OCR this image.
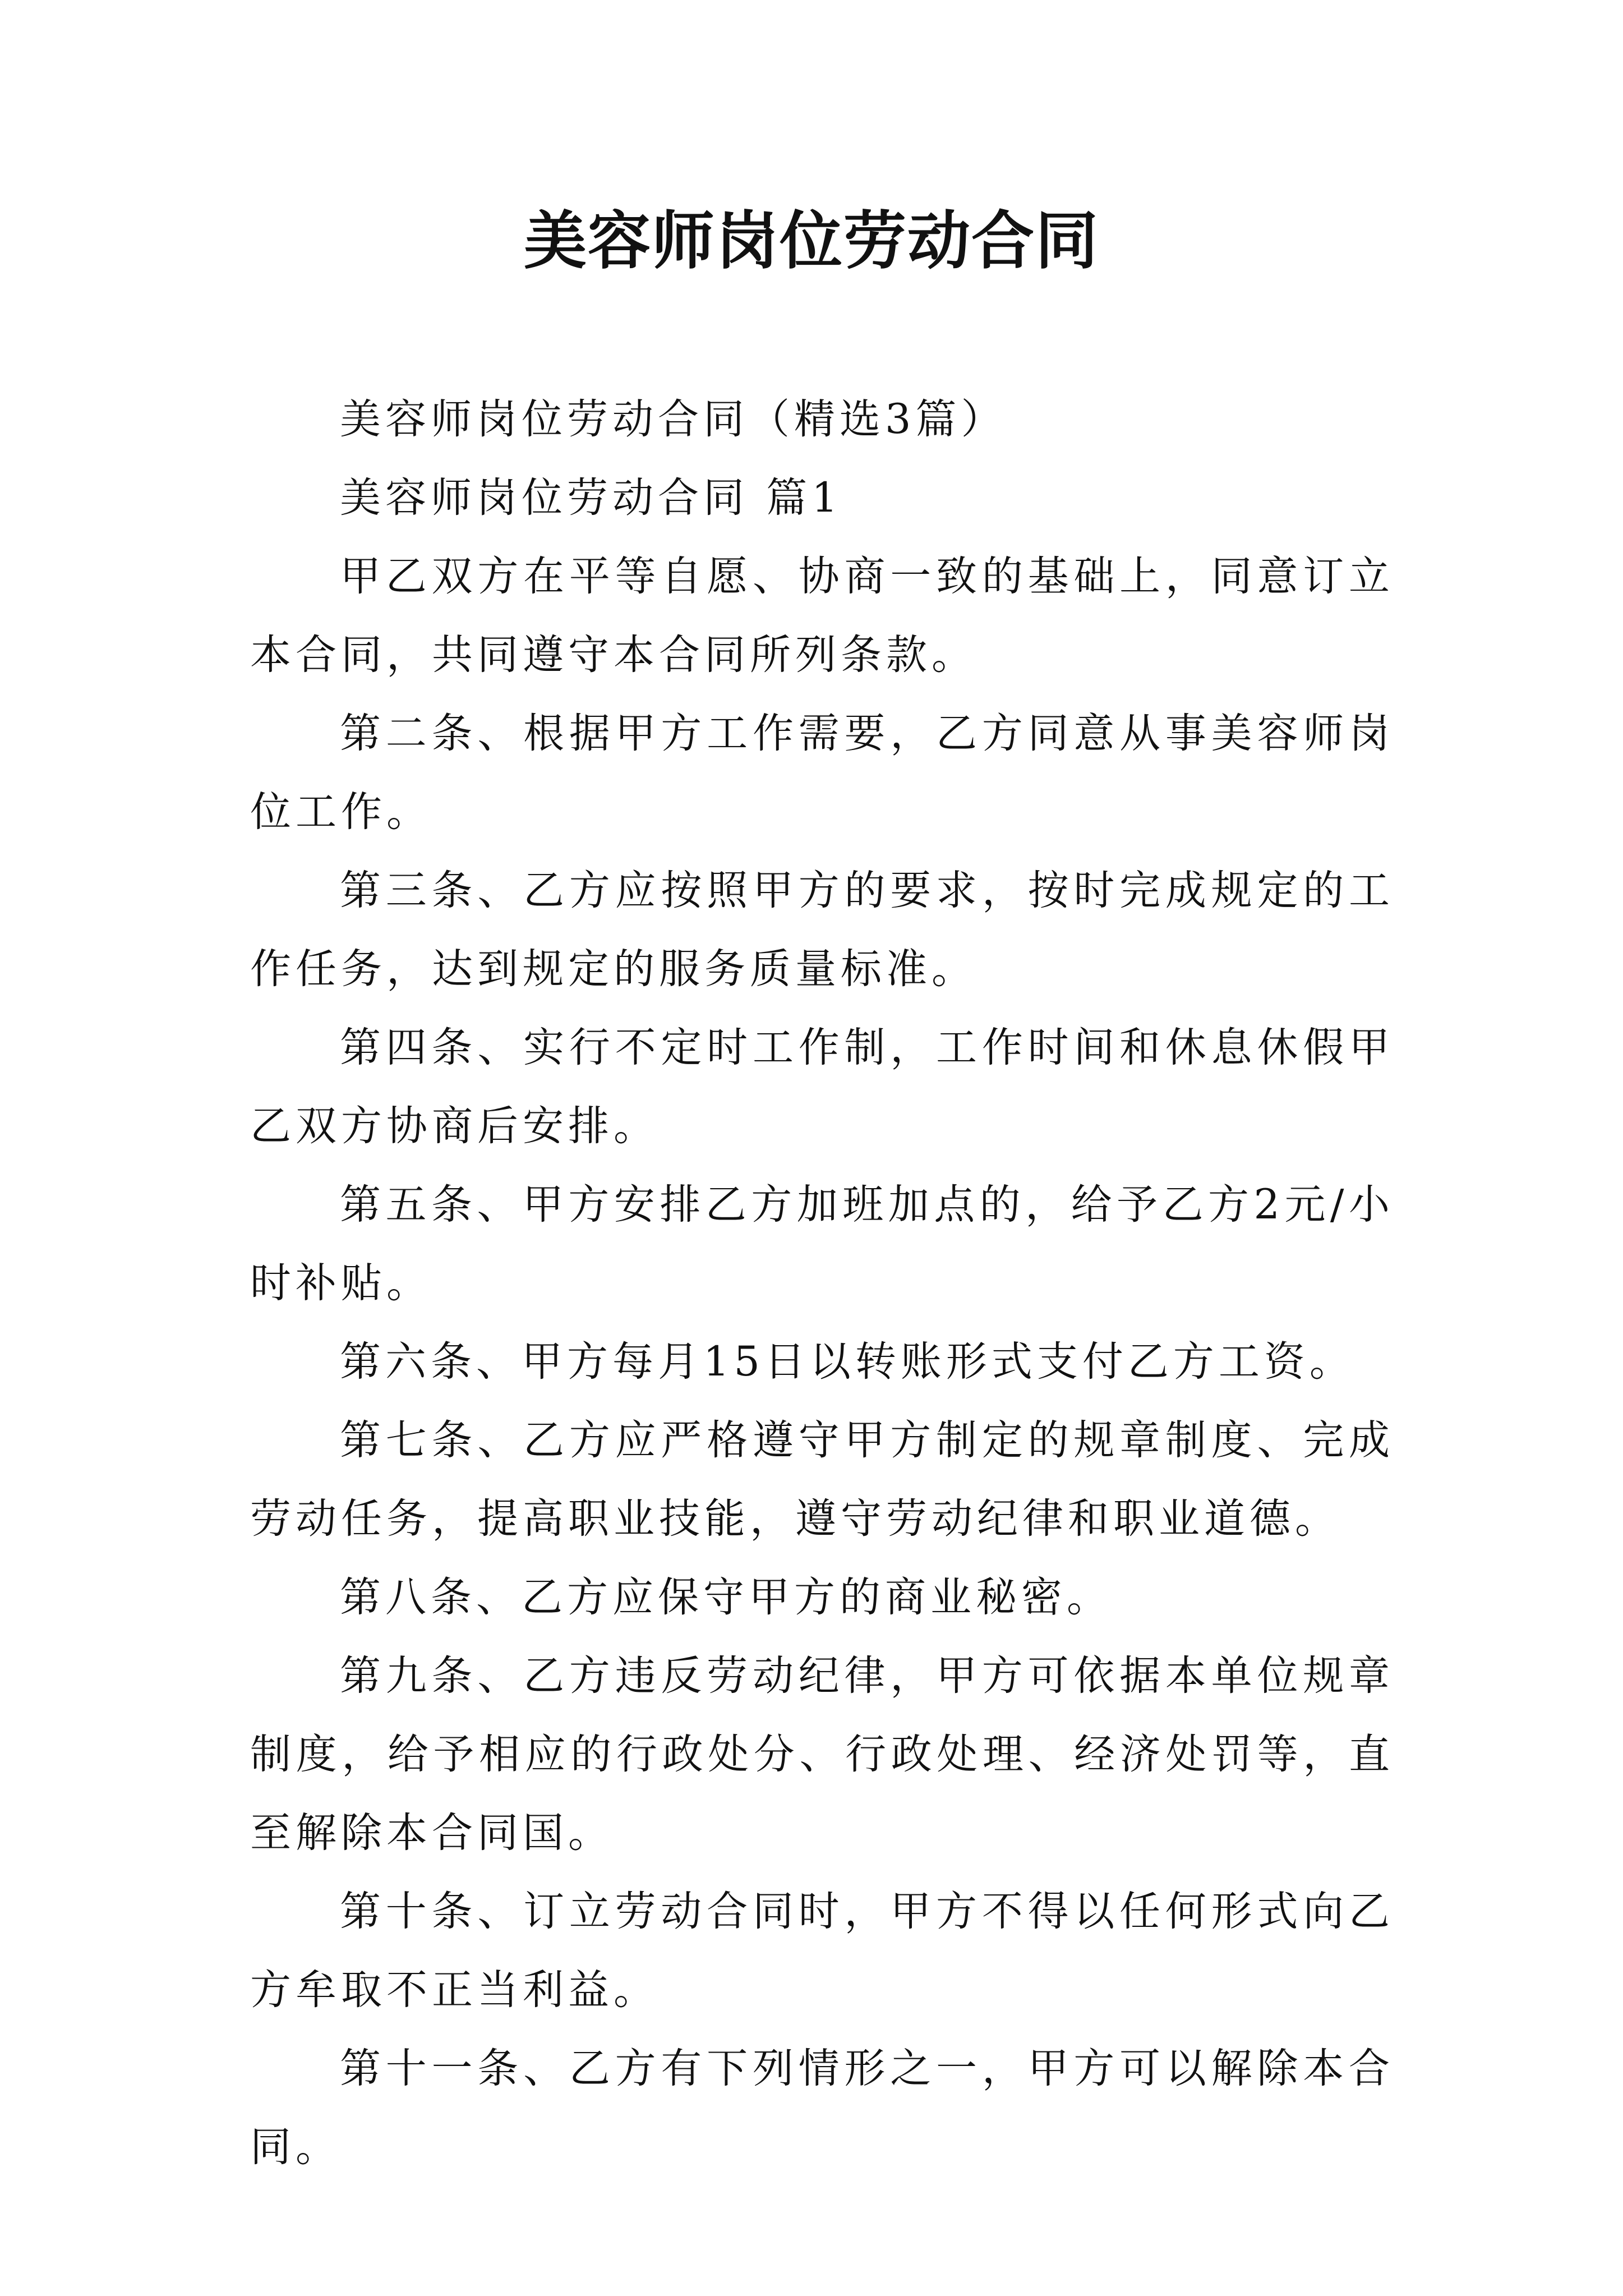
美容师岗位劳动合同

美容师岗位劳动合同（精选3篇）

美容师岗位劳动合同 篇1

甲乙双方在平等自愿、协商一致的基础上，同意订立本合同，共同遵守本合同所列条款。

第二条、根据甲方工作需要，乙方同意从事美容师岗位工作。

第三条、乙方应按照甲方的要求，按时完成规定的工作任务，达到规定的服务质量标准。

第四条、实行不定时工作制，工作时间和休息休假甲乙双方协商后安排。

第五条、甲方安排乙方加班加点的，给予乙方2元/小时补贴。

第六条、甲方每月15日以转账形式支付乙方工资。

第七条、乙方应严格遵守甲方制定的规章制度、完成劳动任务，提高职业技能，遵守劳动纪律和职业道德。

第八条、乙方应保守甲方的商业秘密。

第九条、乙方违反劳动纪律，甲方可依据本单位规章制度，给予相应的行政处分、行政处理、经济处罚等，直至解除本合同国。

第十条、订立劳动合同时，甲方不得以任何形式向乙方牟取不正当利益。

第十一条、乙方有下列情形之一，甲方可以解除本合同。
